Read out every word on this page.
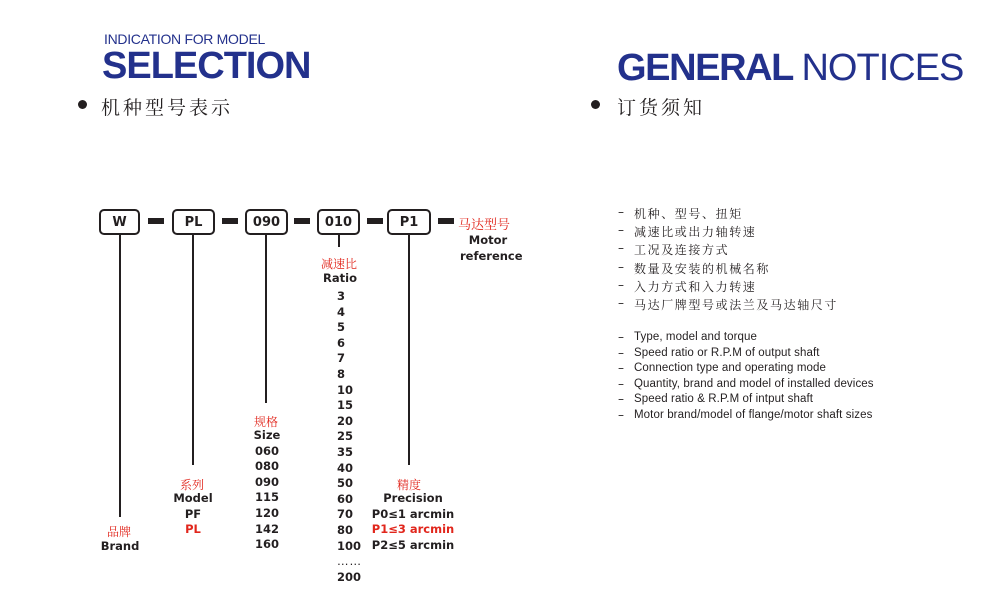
INDICATION FOR MODEL
SELECTION
机种型号表示
GENERAL NOTICES
订货须知
W	PL	090	010	P1	马达型号
Motor
reference
品牌
Brand
系列
Model
PF
PL
规格
Size
060
080
090
115
120
142
160
减速比
Ratio
3
4
5
6
7
8
10
15
20
25
35
40
50
60
70
80
100
……
200
精度
Precision
P0≤1 arcmin
P1≤3 arcmin
P2≤5 arcmin
– 机种、型号、扭矩
– 减速比或出力轴转速
– 工况及连接方式
– 数量及安装的机械名称
– 入力方式和入力转速
– 马达厂牌型号或法兰及马达轴尺寸
– Type, model and torque
– Speed ratio or R.P.M of output shaft
– Connection type and operating mode
– Quantity, brand and model of installed devices
– Speed ratio & R.P.M of intput shaft
– Motor brand/model of flange/motor shaft sizes
